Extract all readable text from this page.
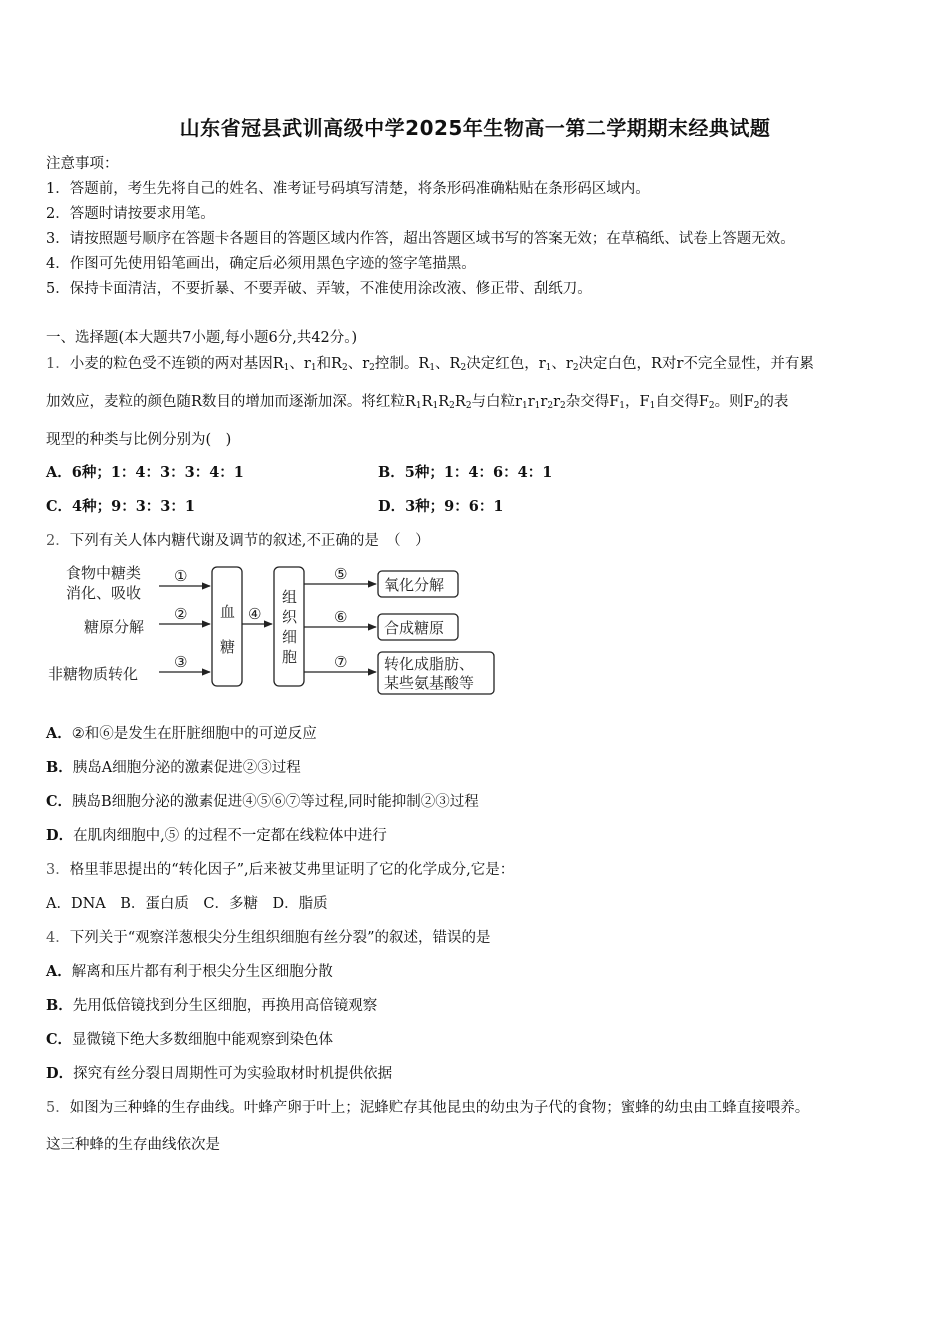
山东省冠县武训高级中学2025年生物高一第二学期期末经典试题
注意事项：
1．答题前，考生先将自己的姓名、准考证号码填写清楚，将条形码准确粘贴在条形码区域内。
2．答题时请按要求用笔。
3．请按照题号顺序在答题卡各题目的答题区域内作答，超出答题区域书写的答案无效；在草稿纸、试卷上答题无效。
4．作图可先使用铅笔画出，确定后必须用黑色字迹的签字笔描黑。
5．保持卡面清洁，不要折暴、不要弄破、弄皱，不准使用涂改液、修正带、刮纸刀。
一、选择题(本大题共7小题,每小题6分,共42分。)
1．小麦的粒色受不连锁的两对基因$R_1$、$r_1$和$R_2$、$r_2$控制。$R_1$、$R_2$决定红色，$r_1$、$r_2$决定白色，R对r不完全显性，并有累
加效应，麦粒的颜色随R数目的增加而逐渐加深。将红粒$R_1R_1R_2R_2$与白粒$r_1r_1r_2r_2$杂交得$F_1$，$F_1$自交得$F_2$。则$F_2$的表
现型的种类与比例分别为(　)
A．6种；1：4：3：3：4：1	B．5种；1：4：6：4：1
C．4种；9：3：3：1	D．3种；9：6：1
2．下列有关人体内糖代谢及调节的叙述,不正确的是　（　）
食物中糖类
消化、吸收
糖原分解
非糖物质转化
①
②
③
血
糖
④
组
织
细
胞
⑤
⑥
⑦
氧化分解
合成糖原
转化成脂肪、
某些氨基酸等
A．②和⑥是发生在肝脏细胞中的可逆反应
B．胰岛A细胞分泌的激素促进②③过程
C．胰岛B细胞分泌的激素促进④⑤⑥⑦等过程,同时能抑制②③过程
D．在肌肉细胞中,⑤ 的过程不一定都在线粒体中进行
3．格里菲思提出的“转化因子”,后来被艾弗里证明了它的化学成分,它是：
A．DNA　B．蛋白质　C．多糖　D．脂质
4．下列关于“观察洋葱根尖分生组织细胞有丝分裂”的叙述，错误的是
A．解离和压片都有利于根尖分生区细胞分散
B．先用低倍镜找到分生区细胞，再换用高倍镜观察
C．显微镜下绝大多数细胞中能观察到染色体
D．探究有丝分裂日周期性可为实验取材时机提供依据
5．如图为三种蜂的生存曲线。叶蜂产卵于叶上；泥蜂贮存其他昆虫的幼虫为子代的食物；蜜蜂的幼虫由工蜂直接喂养。
这三种蜂的生存曲线依次是
